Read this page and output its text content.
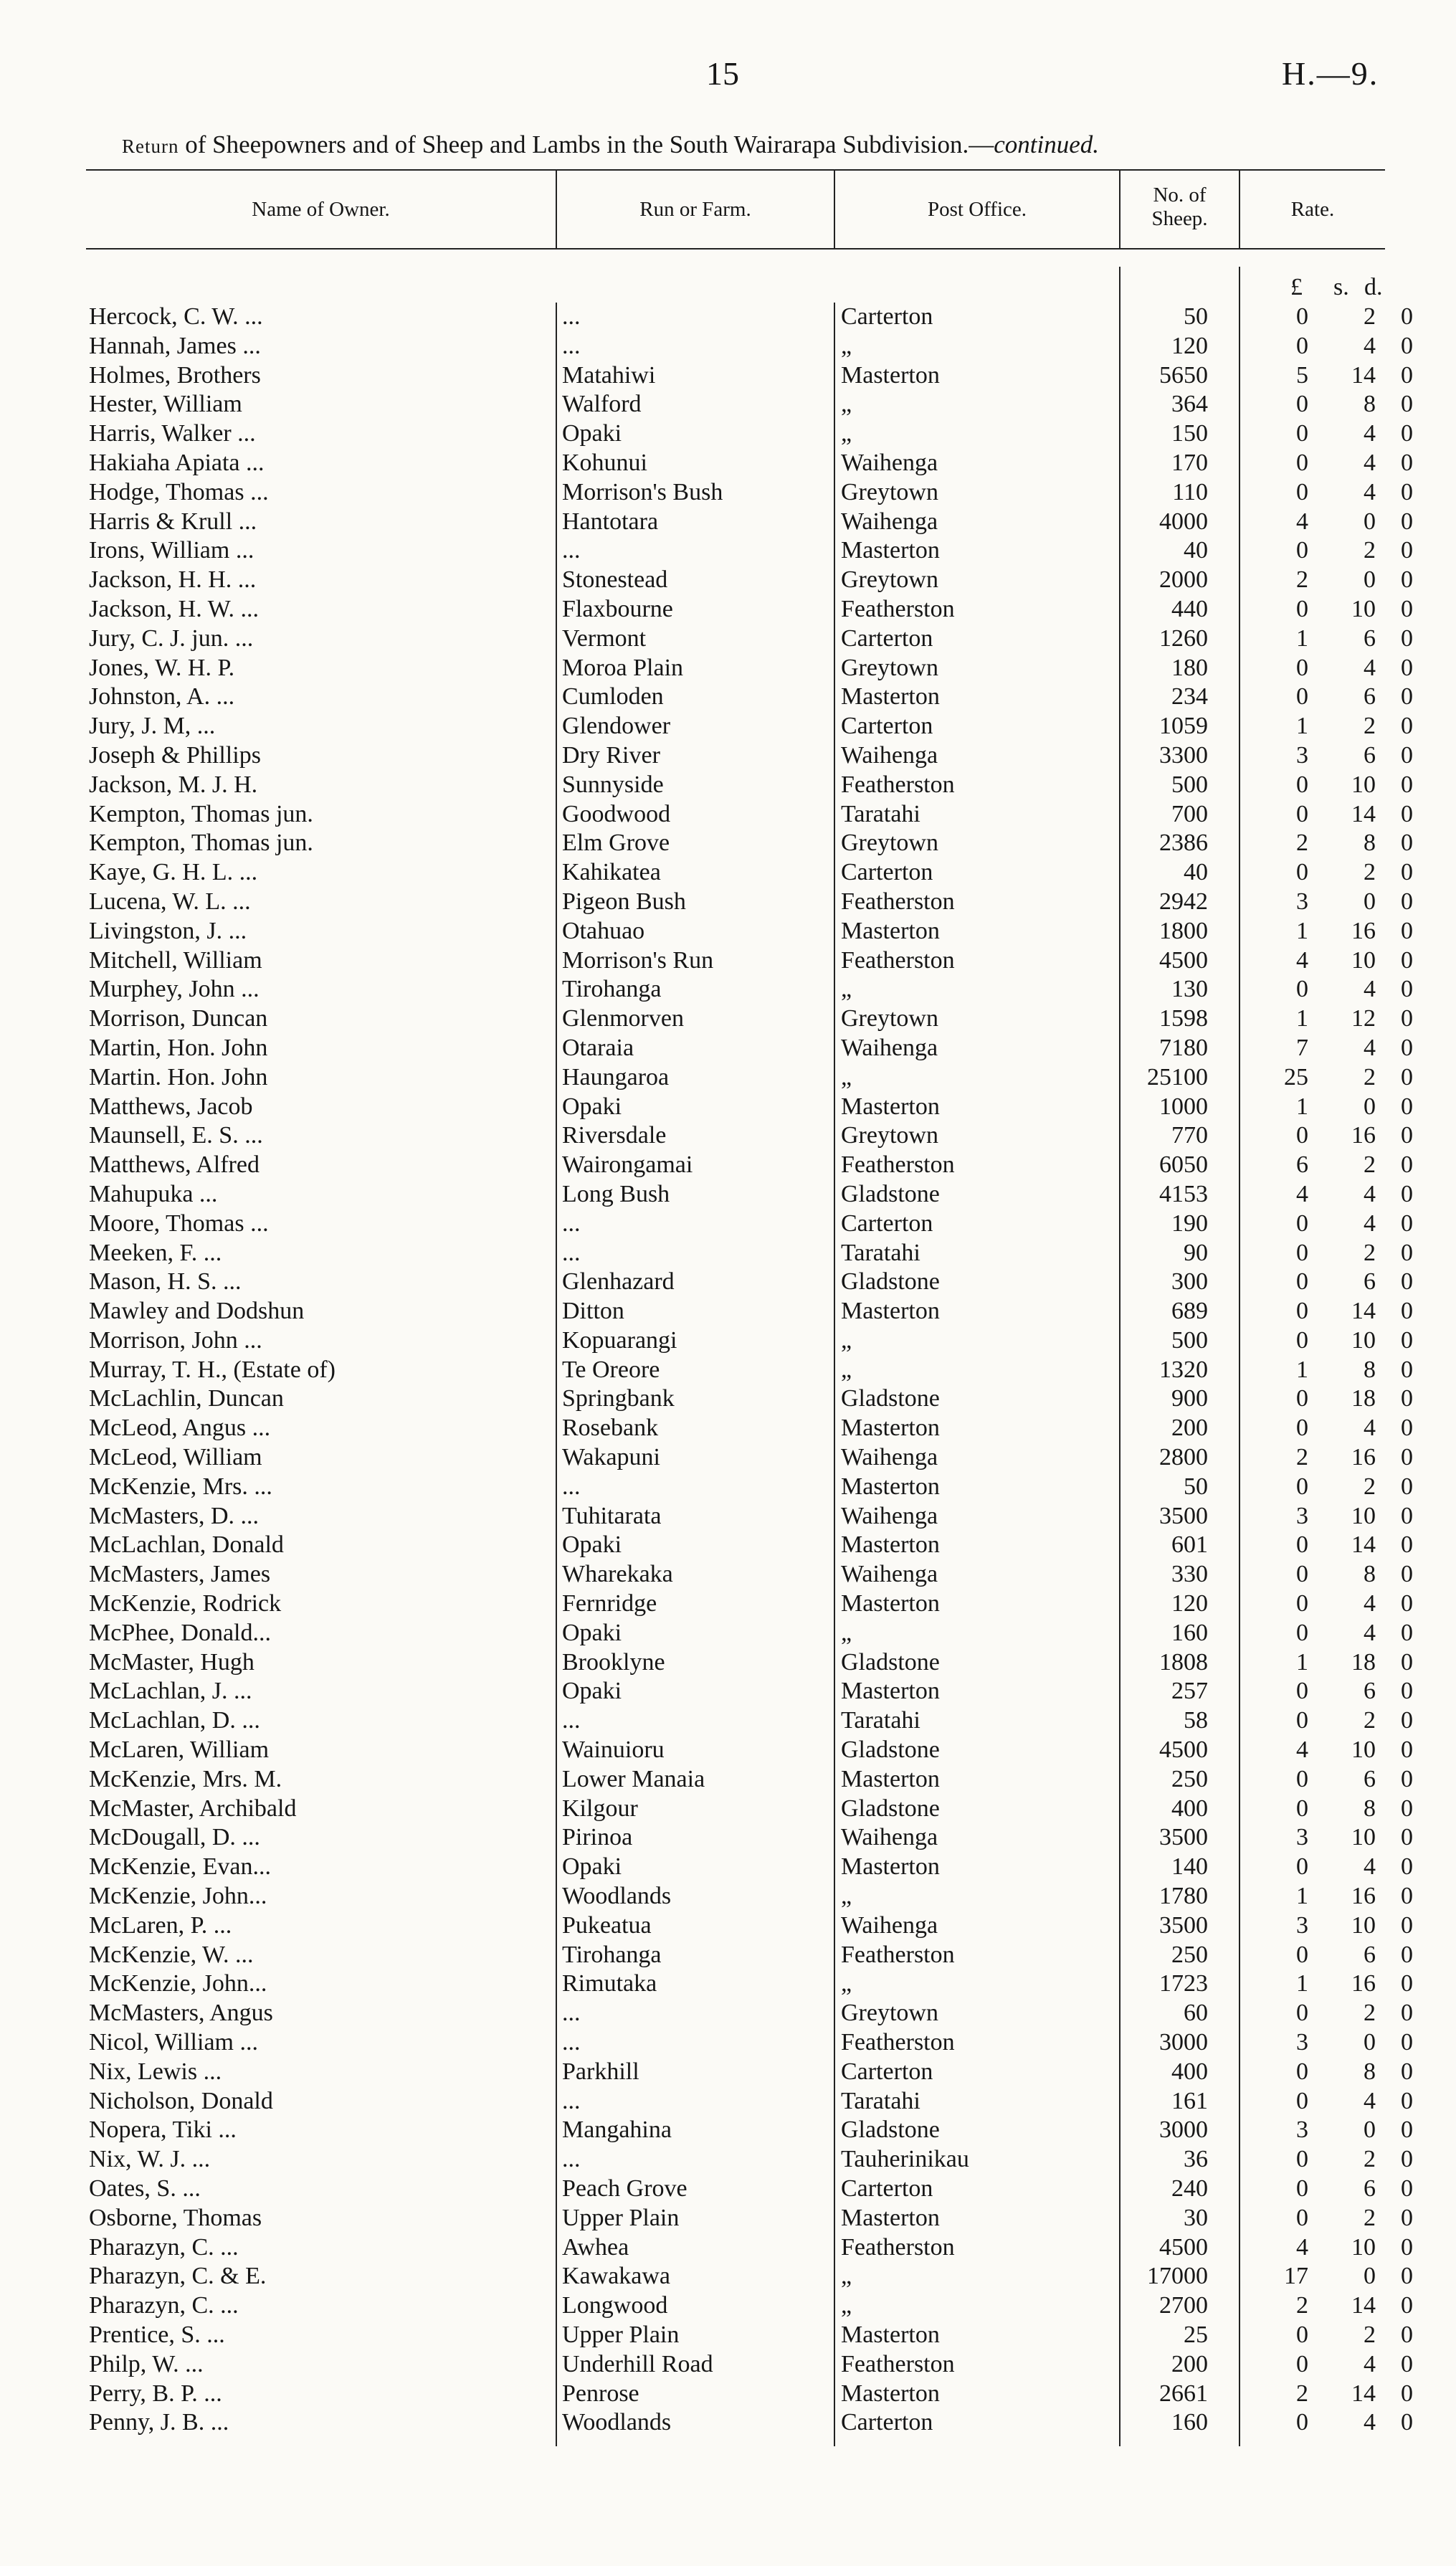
15	H.—9.
Return of Sheepowners and of Sheep and Lambs in the South Wairarapa Subdivision.—continued.
Name of Owner.	Run or Farm.	Post Office.
No. of
Sheep.	Rate.
£ s. d.
Hercock, C. W. ...	...	Carterton	50	0	2	0
Hannah, James ...	...	„	120	0	4	0
Holmes, Brothers	Matahiwi	Masterton	5650	5	14	0
Hester, William	Walford	„	364	0	8	0
Harris, Walker ...	Opaki	„	150	0	4	0
Hakiaha Apiata ...	Kohunui	Waihenga	170	0	4	0
Hodge, Thomas ...	Morrison's Bush	Greytown	110	0	4	0
Harris & Krull ...	Hantotara	Waihenga	4000	4	0	0
Irons, William ...	...	Masterton	40	0	2	0
Jackson, H. H. ...	Stonestead	Greytown	2000	2	0	0
Jackson, H. W. ...	Flaxbourne	Featherston	440	0	10	0
Jury, C. J. jun. ...	Vermont	Carterton	1260	1	6	0
Jones, W. H. P.	Moroa Plain	Greytown	180	0	4	0
Johnston, A. ...	Cumloden	Masterton	234	0	6	0
Jury, J. M, ...	Glendower	Carterton	1059	1	2	0
Joseph & Phillips	Dry River	Waihenga	3300	3	6	0
Jackson, M. J. H.	Sunnyside	Featherston	500	0	10	0
Kempton, Thomas jun.	Goodwood	Taratahi	700	0	14	0
Kempton, Thomas jun.	Elm Grove	Greytown	2386	2	8	0
Kaye, G. H. L. ...	Kahikatea	Carterton	40	0	2	0
Lucena, W. L. ...	Pigeon Bush	Featherston	2942	3	0	0
Livingston, J. ...	Otahuao	Masterton	1800	1	16	0
Mitchell, William	Morrison's Run	Featherston	4500	4	10	0
Murphey, John ...	Tirohanga	„	130	0	4	0
Morrison, Duncan	Glenmorven	Greytown	1598	1	12	0
Martin, Hon. John	Otaraia	Waihenga	7180	7	4	0
Martin. Hon. John	Haungaroa	„	25100	25	2	0
Matthews, Jacob	Opaki	Masterton	1000	1	0	0
Maunsell, E. S. ...	Riversdale	Greytown	770	0	16	0
Matthews, Alfred	Wairongamai	Featherston	6050	6	2	0
Mahupuka ...	Long Bush	Gladstone	4153	4	4	0
Moore, Thomas ...	...	Carterton	190	0	4	0
Meeken, F. ...	...	Taratahi	90	0	2	0
Mason, H. S. ...	Glenhazard	Gladstone	300	0	6	0
Mawley and Dodshun	Ditton	Masterton	689	0	14	0
Morrison, John ...	Kopuarangi	„	500	0	10	0
Murray, T. H., (Estate of)	Te Oreore	„	1320	1	8	0
McLachlin, Duncan	Springbank	Gladstone	900	0	18	0
McLeod, Angus ...	Rosebank	Masterton	200	0	4	0
McLeod, William	Wakapuni	Waihenga	2800	2	16	0
McKenzie, Mrs. ...	...	Masterton	50	0	2	0
McMasters, D. ...	Tuhitarata	Waihenga	3500	3	10	0
McLachlan, Donald	Opaki	Masterton	601	0	14	0
McMasters, James	Wharekaka	Waihenga	330	0	8	0
McKenzie, Rodrick	Fernridge	Masterton	120	0	4	0
McPhee, Donald...	Opaki	„	160	0	4	0
McMaster, Hugh	Brooklyne	Gladstone	1808	1	18	0
McLachlan, J. ...	Opaki	Masterton	257	0	6	0
McLachlan, D. ...	...	Taratahi	58	0	2	0
McLaren, William	Wainuioru	Gladstone	4500	4	10	0
McKenzie, Mrs. M.	Lower Manaia	Masterton	250	0	6	0
McMaster, Archibald	Kilgour	Gladstone	400	0	8	0
McDougall, D. ...	Pirinoa	Waihenga	3500	3	10	0
McKenzie, Evan...	Opaki	Masterton	140	0	4	0
McKenzie, John...	Woodlands	„	1780	1	16	0
McLaren, P. ...	Pukeatua	Waihenga	3500	3	10	0
McKenzie, W. ...	Tirohanga	Featherston	250	0	6	0
McKenzie, John...	Rimutaka	„	1723	1	16	0
McMasters, Angus	...	Greytown	60	0	2	0
Nicol, William ...	...	Featherston	3000	3	0	0
Nix, Lewis ...	Parkhill	Carterton	400	0	8	0
Nicholson, Donald	...	Taratahi	161	0	4	0
Nopera, Tiki ...	Mangahina	Gladstone	3000	3	0	0
Nix, W. J. ...	...	Tauherinikau	36	0	2	0
Oates, S. ...	Peach Grove	Carterton	240	0	6	0
Osborne, Thomas	Upper Plain	Masterton	30	0	2	0
Pharazyn, C. ...	Awhea	Featherston	4500	4	10	0
Pharazyn, C. & E.	Kawakawa	„	17000	17	0	0
Pharazyn, C. ...	Longwood	„	2700	2	14	0
Prentice, S. ...	Upper Plain	Masterton	25	0	2	0
Philp, W. ...	Underhill Road	Featherston	200	0	4	0
Perry, B. P. ...	Penrose	Masterton	2661	2	14	0
Penny, J. B. ...	Woodlands	Carterton	160	0	4	0
